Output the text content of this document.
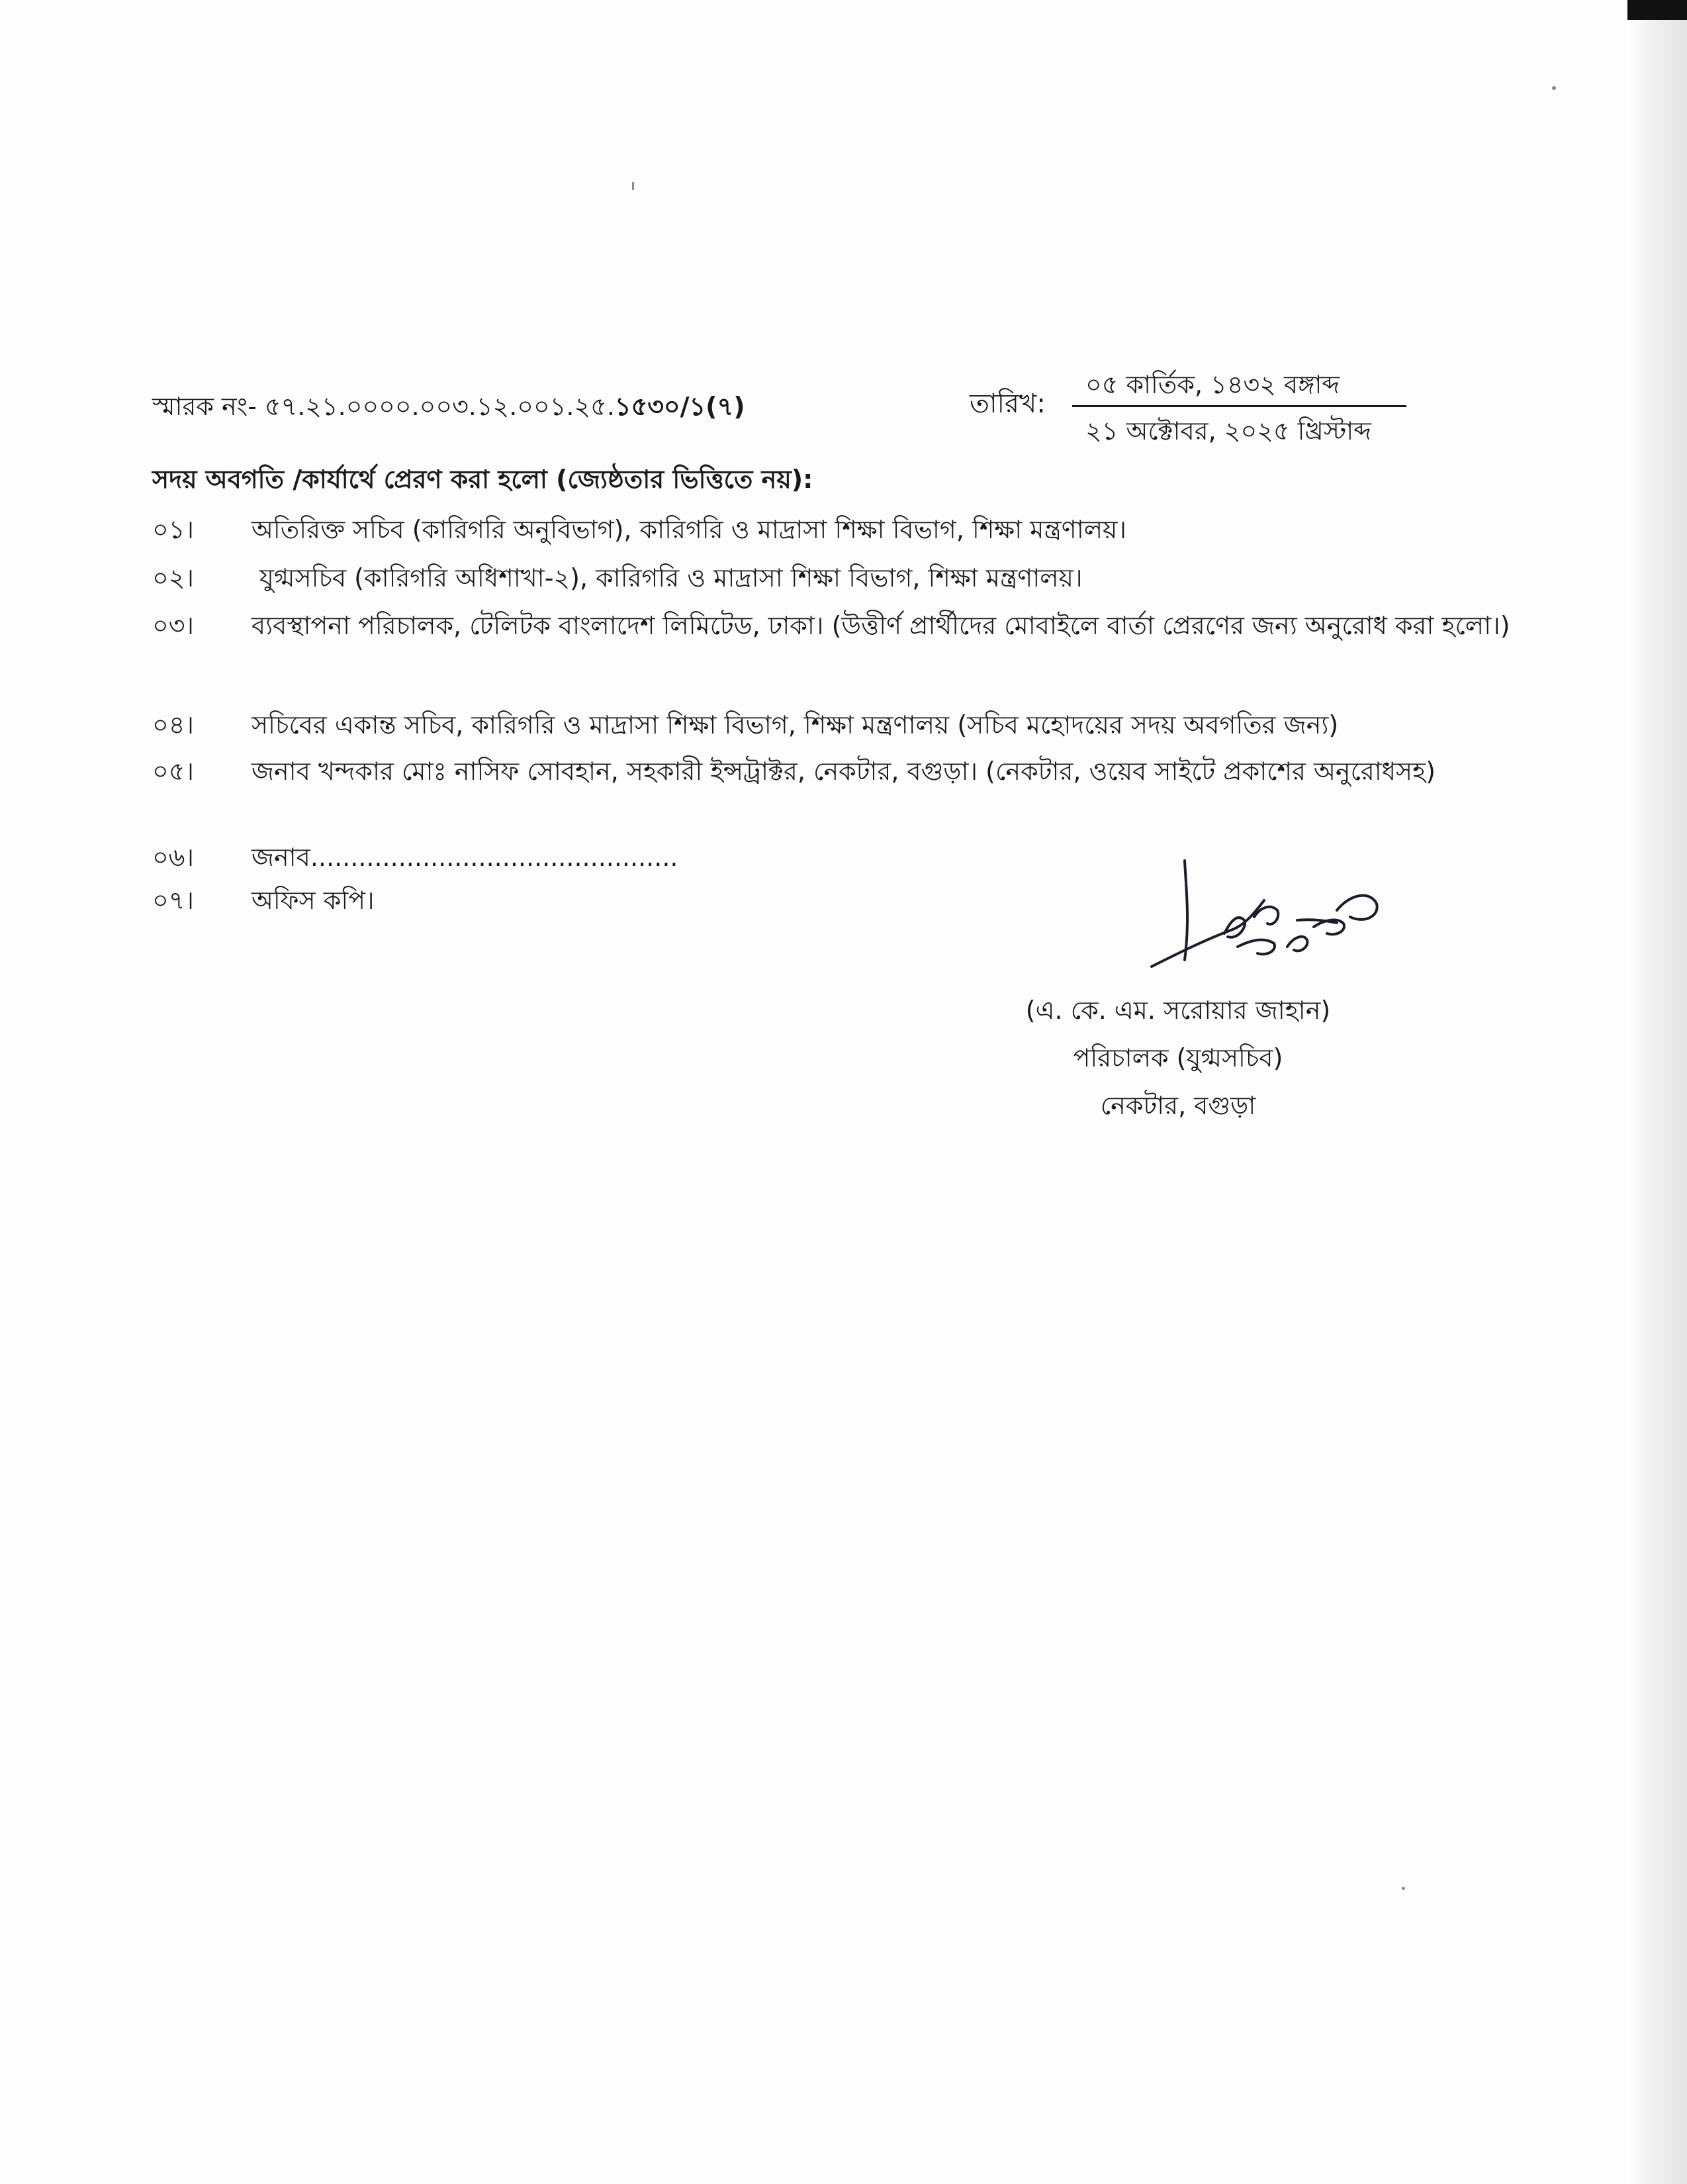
স্মারক নং- ৫৭.২১.০০০০.০০৩.১২.০০১.২৫.১৫৩০/১(৭)	তারিখ:
০৫ কার্তিক, ১৪৩২ বঙ্গাব্দ
২১ অক্টোবর, ২০২৫ খ্রিস্টাব্দ
সদয় অবগতি /কার্যার্থে প্রেরণ করা হলো (জ্যেষ্ঠতার ভিত্তিতে নয়):
০১।	অতিরিক্ত সচিব (কারিগরি অনুবিভাগ), কারিগরি ও মাদ্রাসা শিক্ষা বিভাগ, শিক্ষা মন্ত্রণালয়।
০২।	যুগ্মসচিব (কারিগরি অধিশাখা-২), কারিগরি ও মাদ্রাসা শিক্ষা বিভাগ, শিক্ষা মন্ত্রণালয়।
০৩।	ব্যবস্থাপনা পরিচালক, টেলিটক বাংলাদেশ লিমিটেড, ঢাকা। (উত্তীর্ণ প্রার্থীদের মোবাইলে বার্তা প্রেরণের জন্য অনুরোধ করা হলো।)
০৪।	সচিবের একান্ত সচিব, কারিগরি ও মাদ্রাসা শিক্ষা বিভাগ, শিক্ষা মন্ত্রণালয় (সচিব মহোদয়ের সদয় অবগতির জন্য)
০৫।	জনাব খন্দকার মোঃ নাসিফ সোবহান, সহকারী ইন্সট্রাক্টর, নেকটার, বগুড়া। (নেকটার, ওয়েব সাইটে প্রকাশের অনুরোধসহ)
০৬।	জনাব..............................................
০৭।	অফিস কপি।
(এ. কে. এম. সরোয়ার জাহান)
পরিচালক (যুগ্মসচিব)
নেকটার, বগুড়া
